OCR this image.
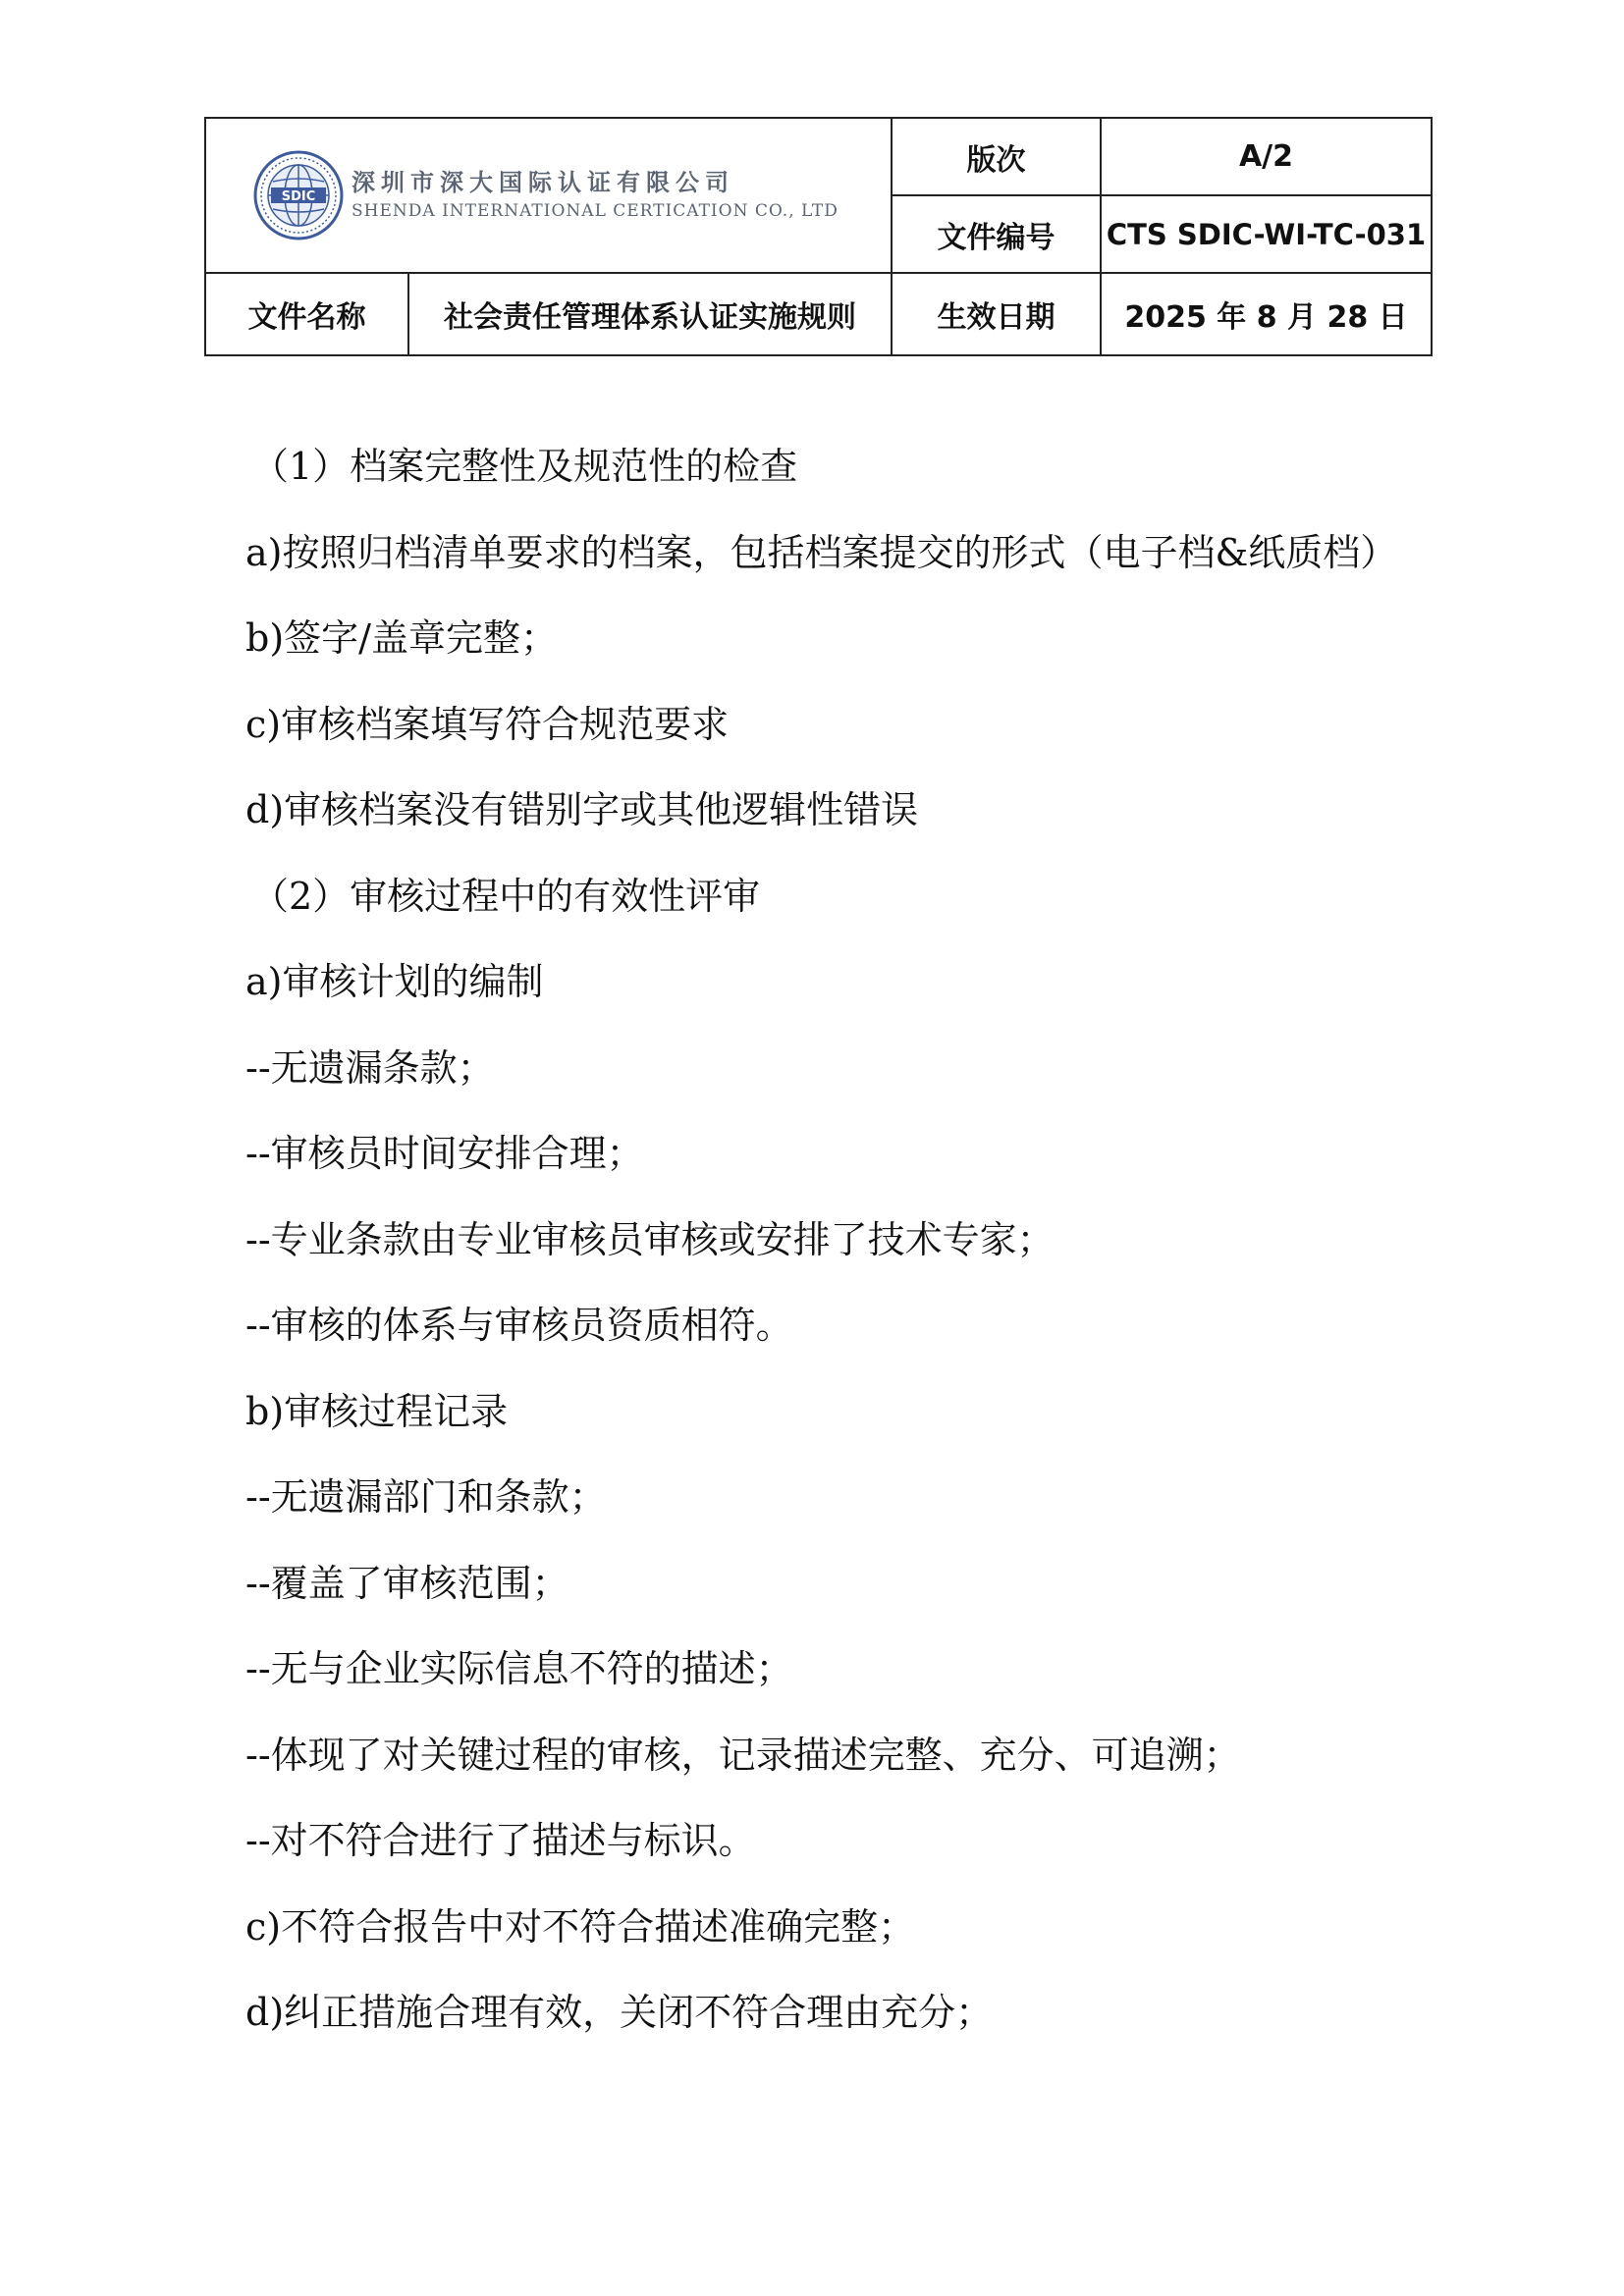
SDIC
深圳市深大国际认证有限公司
SHENDA INTERNATIONAL CERTICATION CO., LTD		版次	A/2
		文件编号	CTS SDIC-WI-TC-031
文件名称	社会责任管理体系认证实施规则	生效日期	2025 年 8 月 28 日
（1）档案完整性及规范性的检查
a)按照归档清单要求的档案，包括档案提交的形式（电子档&纸质档）
b)签字/盖章完整；
c)审核档案填写符合规范要求
d)审核档案没有错别字或其他逻辑性错误
（2）审核过程中的有效性评审
a)审核计划的编制
--无遗漏条款；
--审核员时间安排合理；
--专业条款由专业审核员审核或安排了技术专家；
--审核的体系与审核员资质相符。
b)审核过程记录
--无遗漏部门和条款；
--覆盖了审核范围；
--无与企业实际信息不符的描述；
--体现了对关键过程的审核，记录描述完整、充分、可追溯；
--对不符合进行了描述与标识。
c)不符合报告中对不符合描述准确完整；
d)纠正措施合理有效，关闭不符合理由充分；
